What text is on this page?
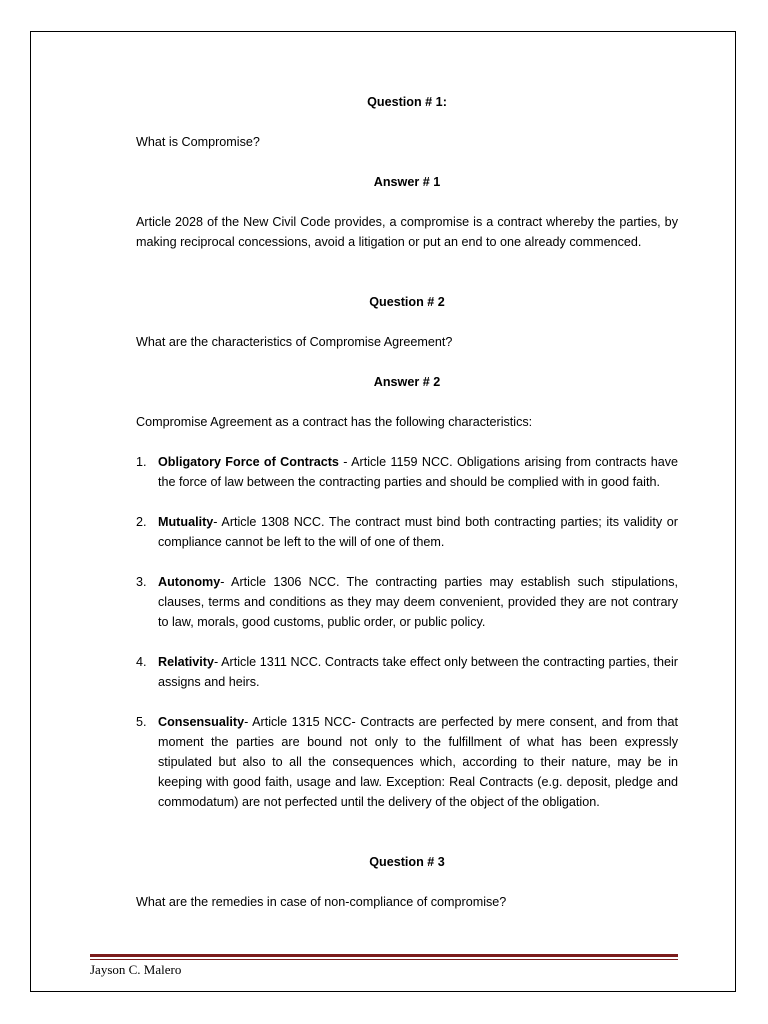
Question # 1:

What is Compromise?

Answer # 1

Article 2028 of the New Civil Code provides, a compromise is a contract whereby the parties, by making reciprocal concessions, avoid a litigation or put an end to one already commenced.

Question # 2

What are the characteristics of Compromise Agreement?

Answer # 2

Compromise Agreement as a contract has the following characteristics:

1. Obligatory Force of Contracts - Article 1159 NCC. Obligations arising from contracts have the force of law between the contracting parties and should be complied with in good faith.
2. Mutuality- Article 1308 NCC. The contract must bind both contracting parties; its validity or compliance cannot be left to the will of one of them.
3. Autonomy- Article 1306 NCC. The contracting parties may establish such stipulations, clauses, terms and conditions as they may deem convenient, provided they are not contrary to law, morals, good customs, public order, or public policy.
4. Relativity- Article 1311 NCC. Contracts take effect only between the contracting parties, their assigns and heirs.
5. Consensuality- Article 1315 NCC- Contracts are perfected by mere consent, and from that moment the parties are bound not only to the fulfillment of what has been expressly stipulated but also to all the consequences which, according to their nature, may be in keeping with good faith, usage and law. Exception: Real Contracts (e.g. deposit, pledge and commodatum) are not perfected until the delivery of the object of the obligation.

Question # 3

What are the remedies in case of non-compliance of compromise?

Jayson C. Malero
